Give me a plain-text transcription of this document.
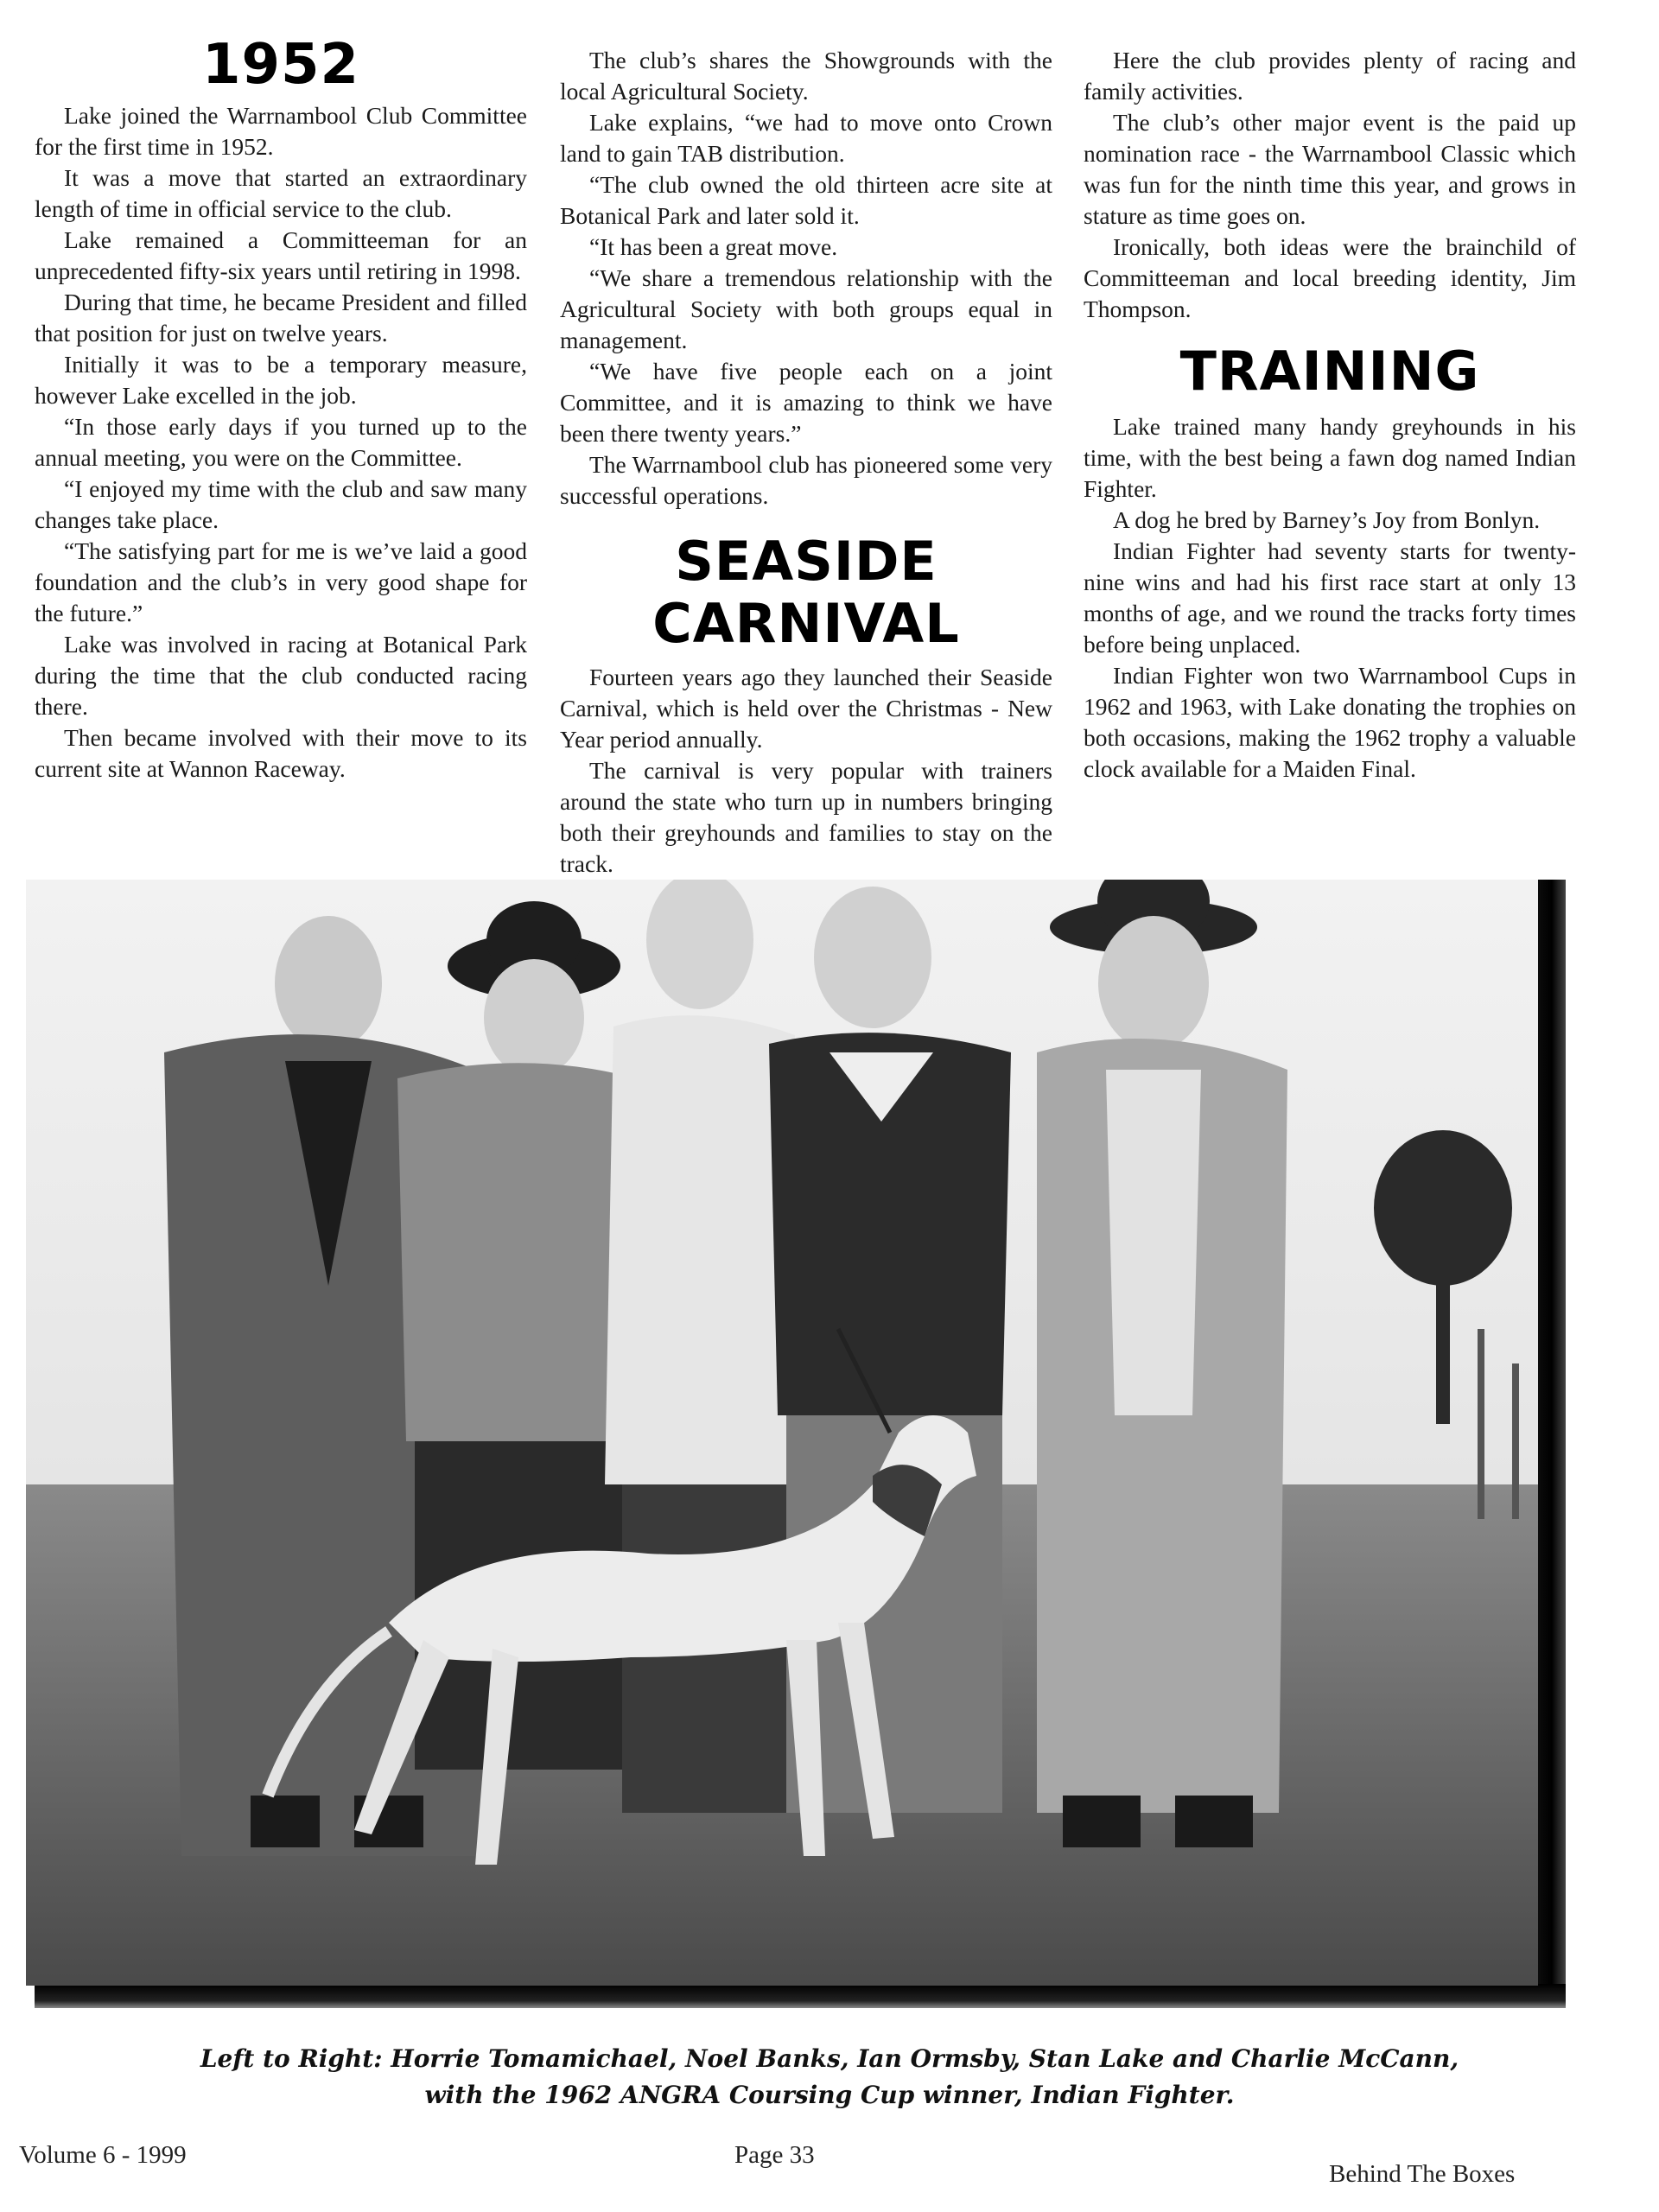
1952

Lake joined the Warrnambool Club Committee for the first time in 1952.

It was a move that started an extraordinary length of time in official service to the club.

Lake remained a Committeeman for an unprecedented fifty-six years until retiring in 1998.

During that time, he became President and filled that position for just on twelve years.

Initially it was to be a temporary measure, however Lake excelled in the job.

“In those early days if you turned up to the annual meeting, you were on the Committee.

“I enjoyed my time with the club and saw many changes take place.

“The satisfying part for me is we’ve laid a good foundation and the club’s in very good shape for the future.”

Lake was involved in racing at Botanical Park during the time that the club conducted racing there.

Then became involved with their move to its current site at Wannon Raceway.

The club’s shares the Showgrounds with the local Agricultural Society.

Lake explains, “we had to move onto Crown land to gain TAB distribution.

“The club owned the old thirteen acre site at Botanical Park and later sold it.

“It has been a great move.

“We share a tremendous relationship with the Agricultural Society with both groups equal in management.

“We have five people each on a joint Committee, and it is amazing to think we have been there twenty years.”

The Warrnambool club has pioneered some very successful operations.

SEASIDE
CARNIVAL

Fourteen years ago they launched their Seaside Carnival, which is held over the Christmas - New Year period annually.

The carnival is very popular with trainers around the state who turn up in numbers bringing both their greyhounds and families to stay on the track.

Here the club provides plenty of racing and family activities.

The club’s other major event is the paid up nomination race - the Warrnambool Classic which was fun for the ninth time this year, and grows in stature as time goes on.

Ironically, both ideas were the brainchild of Committeeman and local breeding identity, Jim Thompson.

TRAINING

Lake trained many handy greyhounds in his time, with the best being a fawn dog named Indian Fighter.

A dog he bred by Barney’s Joy from Bonlyn.

Indian Fighter had seventy starts for twenty-nine wins and had his first race start at only 13 months of age, and we round the tracks forty times before being unplaced.

Indian Fighter won two Warrnambool Cups in 1962 and 1963, with Lake donating the trophies on both occasions, making the 1962 trophy a valuable clock available for a Maiden Final.

Left to Right: Horrie Tomamichael, Noel Banks, Ian Ormsby, Stan Lake and Charlie McCann,
with the 1962 ANGRA Coursing Cup winner, Indian Fighter.
Volume 6 - 1999	Page 33
Behind The Boxes
